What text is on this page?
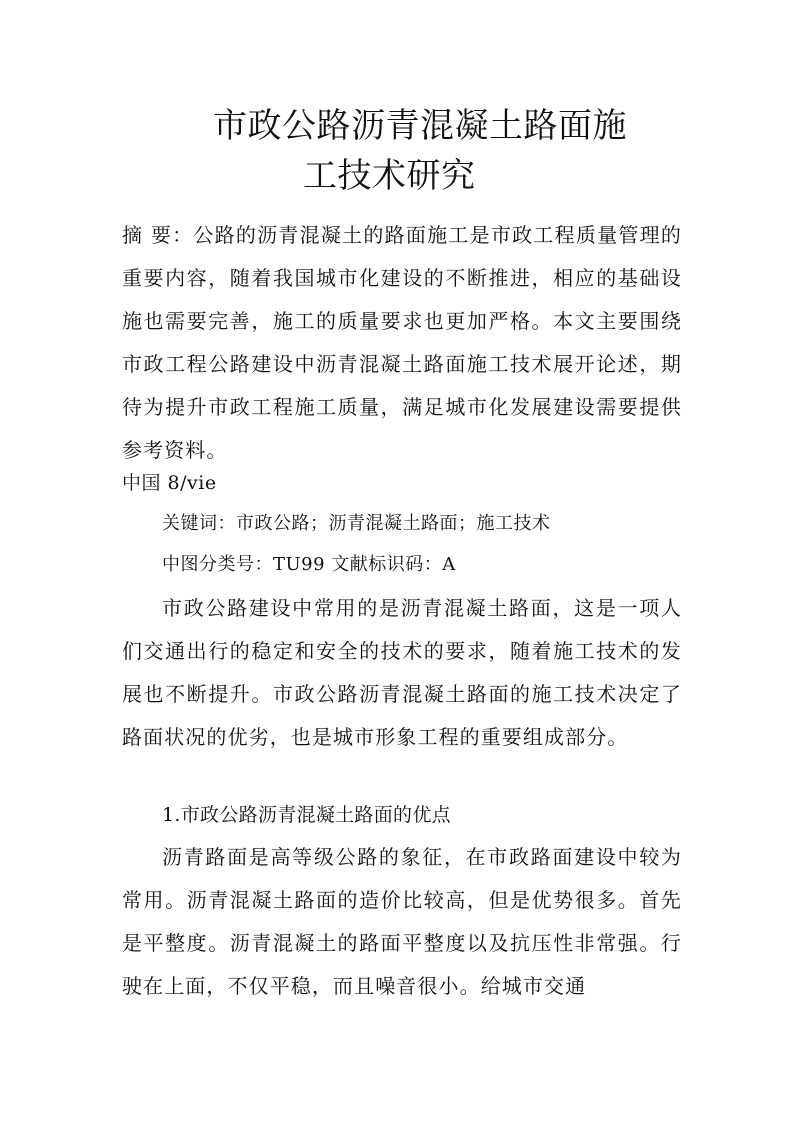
市政公路沥青混凝土路面施
工技术研究

摘 要：公路的沥青混凝土的路面施工是市政工程质量管理的重要内容，随着我国城市化建设的不断推进，相应的基础设施也需要完善，施工的质量要求也更加严格。本文主要围绕市政工程公路建设中沥青混凝土路面施工技术展开论述，期待为提升市政工程施工质量，满足城市化发展建设需要提供参考资料。

中国 8/vie
关键词：市政公路；沥青混凝土路面；施工技术
中图分类号：TU99 文献标识码：A

市政公路建设中常用的是沥青混凝土路面，这是一项人们交通出行的稳定和安全的技术的要求，随着施工技术的发展也不断提升。市政公路沥青混凝土路面的施工技术决定了路面状况的优劣，也是城市形象工程的重要组成部分。

1.市政公路沥青混凝土路面的优点

沥青路面是高等级公路的象征，在市政路面建设中较为常用。沥青混凝土路面的造价比较高，但是优势很多。首先是平整度。沥青混凝土的路面平整度以及抗压性非常强。行驶在上面，不仅平稳，而且噪音很小。给城市交通
